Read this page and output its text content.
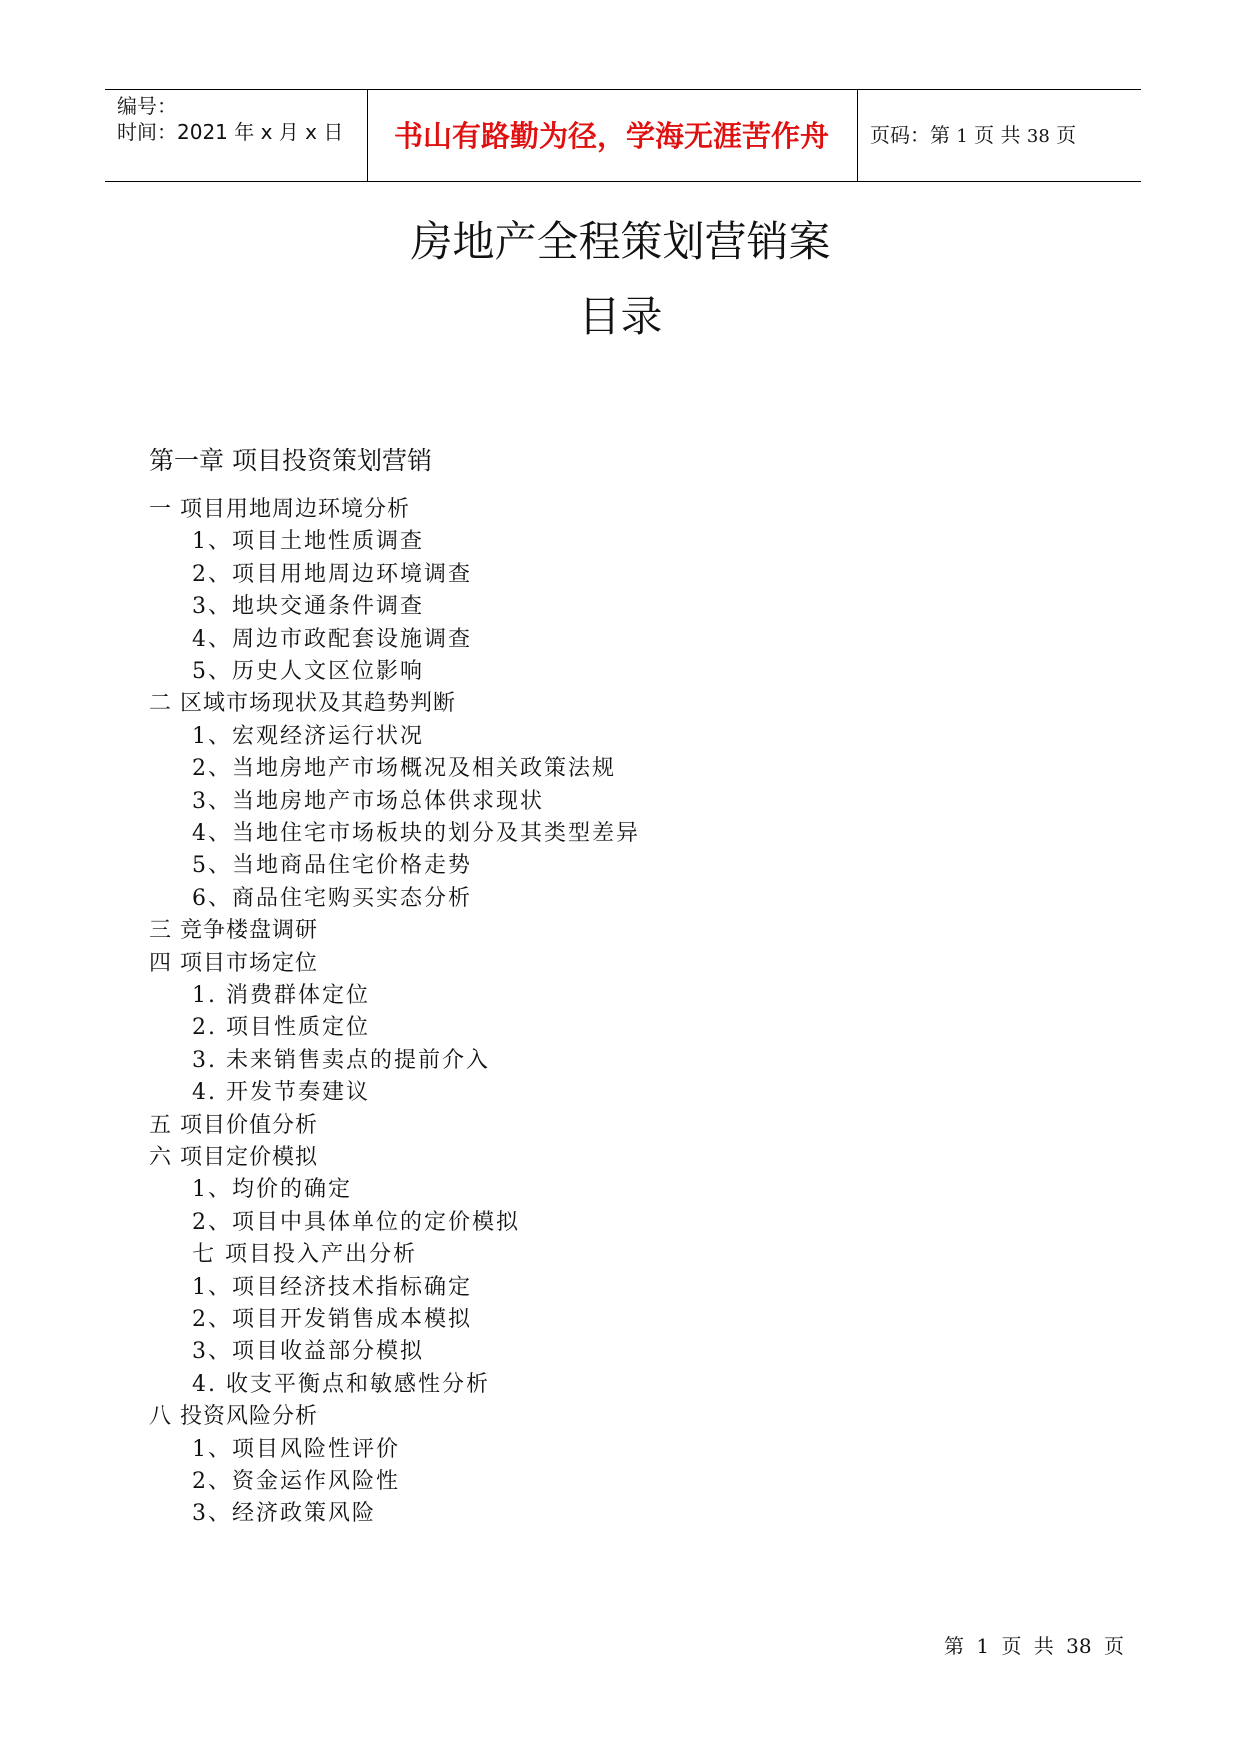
编号：
时间：2021 年 x 月 x 日 书山有路勤为径，学海无涯苦作舟 页码：第 1 页 共 38 页
房地产全程策划营销案
目录
第一章 项目投资策划营销
一 项目用地周边环境分析
1、项目土地性质调查
2、项目用地周边环境调查
3、地块交通条件调查
4、周边市政配套设施调查
5、历史人文区位影响
二 区域市场现状及其趋势判断
1、宏观经济运行状况
2、当地房地产市场概况及相关政策法规
3、当地房地产市场总体供求现状
4、当地住宅市场板块的划分及其类型差异
5、当地商品住宅价格走势
6、商品住宅购买实态分析
三 竞争楼盘调研
四 项目市场定位
1. 消费群体定位
2. 项目性质定位
3. 未来销售卖点的提前介入
4. 开发节奏建议
五 项目价值分析
六 项目定价模拟
1、均价的确定
2、项目中具体单位的定价模拟
七 项目投入产出分析
1、项目经济技术指标确定
2、项目开发销售成本模拟
3、项目收益部分模拟
4. 收支平衡点和敏感性分析
八 投资风险分析
1、项目风险性评价
2、资金运作风险性
3、经济政策风险
第 1 页 共 38 页
